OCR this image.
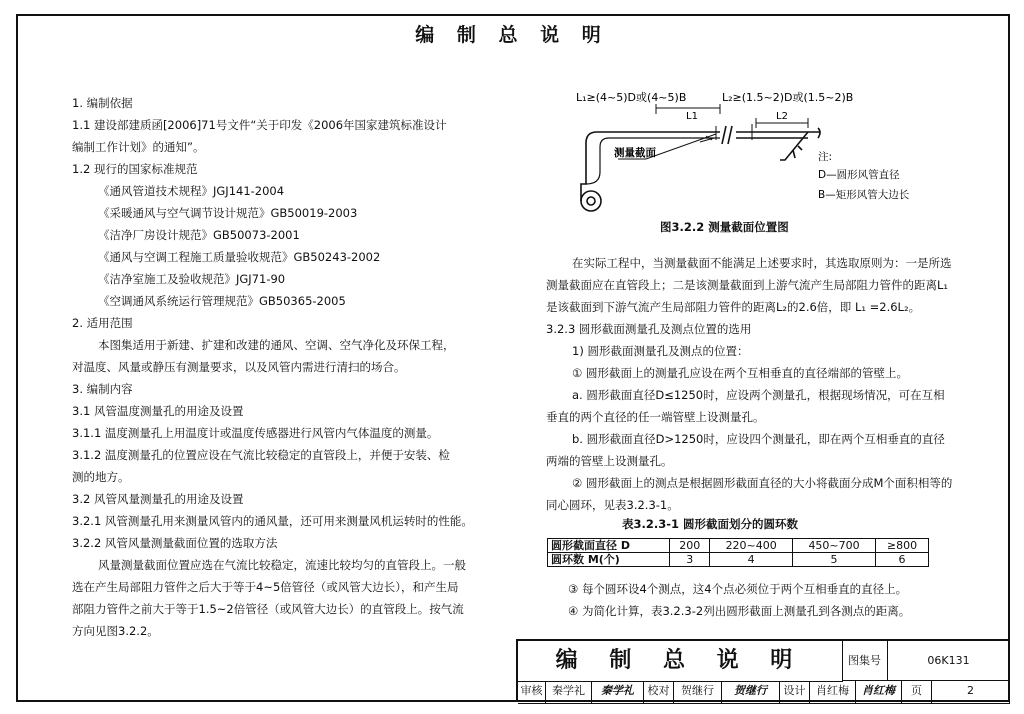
编 制 总 说 明
1. 编制依据
1.1 建设部建质函[2006]71号文件“关于印发《2006年国家建筑标准设计
编制工作计划》的通知”。
1.2 现行的国家标准规范
《通风管道技术规程》JGJ141-2004
《采暖通风与空气调节设计规范》GB50019-2003
《洁净厂房设计规范》GB50073-2001
《通风与空调工程施工质量验收规范》GB50243-2002
《洁净室施工及验收规范》JGJ71-90
《空调通风系统运行管理规范》GB50365-2005
2. 适用范围
本图集适用于新建、扩建和改建的通风、空调、空气净化及环保工程，
对温度、风量或静压有测量要求，以及风管内需进行清扫的场合。
3. 编制内容
3.1 风管温度测量孔的用途及设置
3.1.1 温度测量孔上用温度计或温度传感器进行风管内气体温度的测量。
3.1.2 温度测量孔的位置应设在气流比较稳定的直管段上，并便于安装、检
测的地方。
3.2 风管风量测量孔的用途及设置
3.2.1 风管测量孔用来测量风管内的通风量，还可用来测量风机运转时的性能。
3.2.2 风管风量测量截面位置的选取方法
风量测量截面位置应选在气流比较稳定，流速比较均匀的直管段上。一般
选在产生局部阻力管件之后大于等于4~5倍管径（或风管大边长），和产生局
部阻力管件之前大于等于1.5~2倍管径（或风管大边长）的直管段上。按气流
方向见图3.2.2。
L₁≥(4~5)D或(4~5)B	L₂≥(1.5~2)D或(1.5~2)B
L1	L2
测量截面	注:
D—圆形风管直径
B—矩形风管大边长
图3.2.2 测量截面位置图
在实际工程中，当测量截面不能满足上述要求时，其选取原则为：一是所选
测量截面应在直管段上；二是该测量截面到上游气流产生局部阻力管件的距离L₁
是该截面到下游气流产生局部阻力管件的距离L₂的2.6倍，即 L₁ =2.6L₂。
3.2.3 圆形截面测量孔及测点位置的选用
1) 圆形截面测量孔及测点的位置：
① 圆形截面上的测量孔应设在两个互相垂直的直径端部的管壁上。
a. 圆形截面直径D≤1250时，应设两个测量孔，根据现场情况，可在互相
垂直的两个直径的任一端管壁上设测量孔。
b. 圆形截面直径D>1250时，应设四个测量孔，即在两个互相垂直的直径
两端的管壁上设测量孔。
② 圆形截面上的测点是根据圆形截面直径的大小将截面分成M个面积相等的
同心圆环，见表3.2.3-1。
表3.2.3-1 圆形截面划分的圆环数
圆形截面直径 D	200	220~400	450~700	≥800
圆环数 M(个)	3	4	5	6
③ 每个圆环设4个测点，这4个点必须位于两个互相垂直的直径上。
④ 为简化计算，表3.2.3-2列出圆形截面上测量孔到各测点的距离。
编 制 总 说 明	图集号	06K131
审核 秦学礼	秦学礼	校对	贺继行	贺继行	设计 肖红梅	肖红梅	页	2
